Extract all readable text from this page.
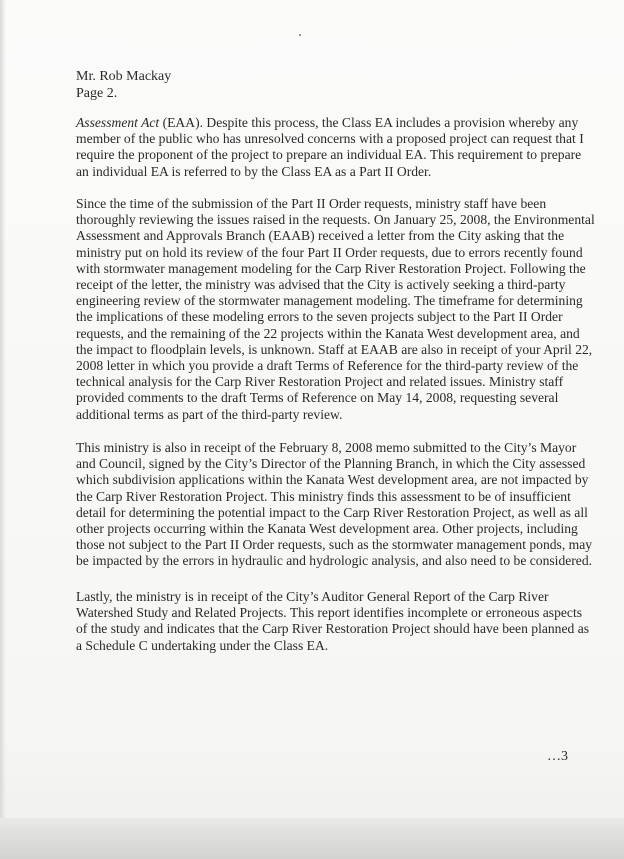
Mr. Rob Mackay
Page 2.

Assessment Act (EAA). Despite this process, the Class EA includes a provision whereby any member of the public who has unresolved concerns with a proposed project can request that I require the proponent of the project to prepare an individual EA. This requirement to prepare an individual EA is referred to by the Class EA as a Part II Order.

Since the time of the submission of the Part II Order requests, ministry staff have been thoroughly reviewing the issues raised in the requests. On January 25, 2008, the Environmental Assessment and Approvals Branch (EAAB) received a letter from the City asking that the ministry put on hold its review of the four Part II Order requests, due to errors recently found with stormwater management modeling for the Carp River Restoration Project. Following the receipt of the letter, the ministry was advised that the City is actively seeking a third-party engineering review of the stormwater management modeling. The timeframe for determining the implications of these modeling errors to the seven projects subject to the Part II Order requests, and the remaining of the 22 projects within the Kanata West development area, and the impact to floodplain levels, is unknown. Staff at EAAB are also in receipt of your April 22, 2008 letter in which you provide a draft Terms of Reference for the third-party review of the technical analysis for the Carp River Restoration Project and related issues. Ministry staff provided comments to the draft Terms of Reference on May 14, 2008, requesting several additional terms as part of the third-party review.

This ministry is also in receipt of the February 8, 2008 memo submitted to the City’s Mayor and Council, signed by the City’s Director of the Planning Branch, in which the City assessed which subdivision applications within the Kanata West development area, are not impacted by the Carp River Restoration Project. This ministry finds this assessment to be of insufficient detail for determining the potential impact to the Carp River Restoration Project, as well as all other projects occurring within the Kanata West development area. Other projects, including those not subject to the Part II Order requests, such as the stormwater management ponds, may be impacted by the errors in hydraulic and hydrologic analysis, and also need to be considered.

Lastly, the ministry is in receipt of the City’s Auditor General Report of the Carp River Watershed Study and Related Projects. This report identifies incomplete or erroneous aspects of the study and indicates that the Carp River Restoration Project should have been planned as a Schedule C undertaking under the Class EA.

…3
